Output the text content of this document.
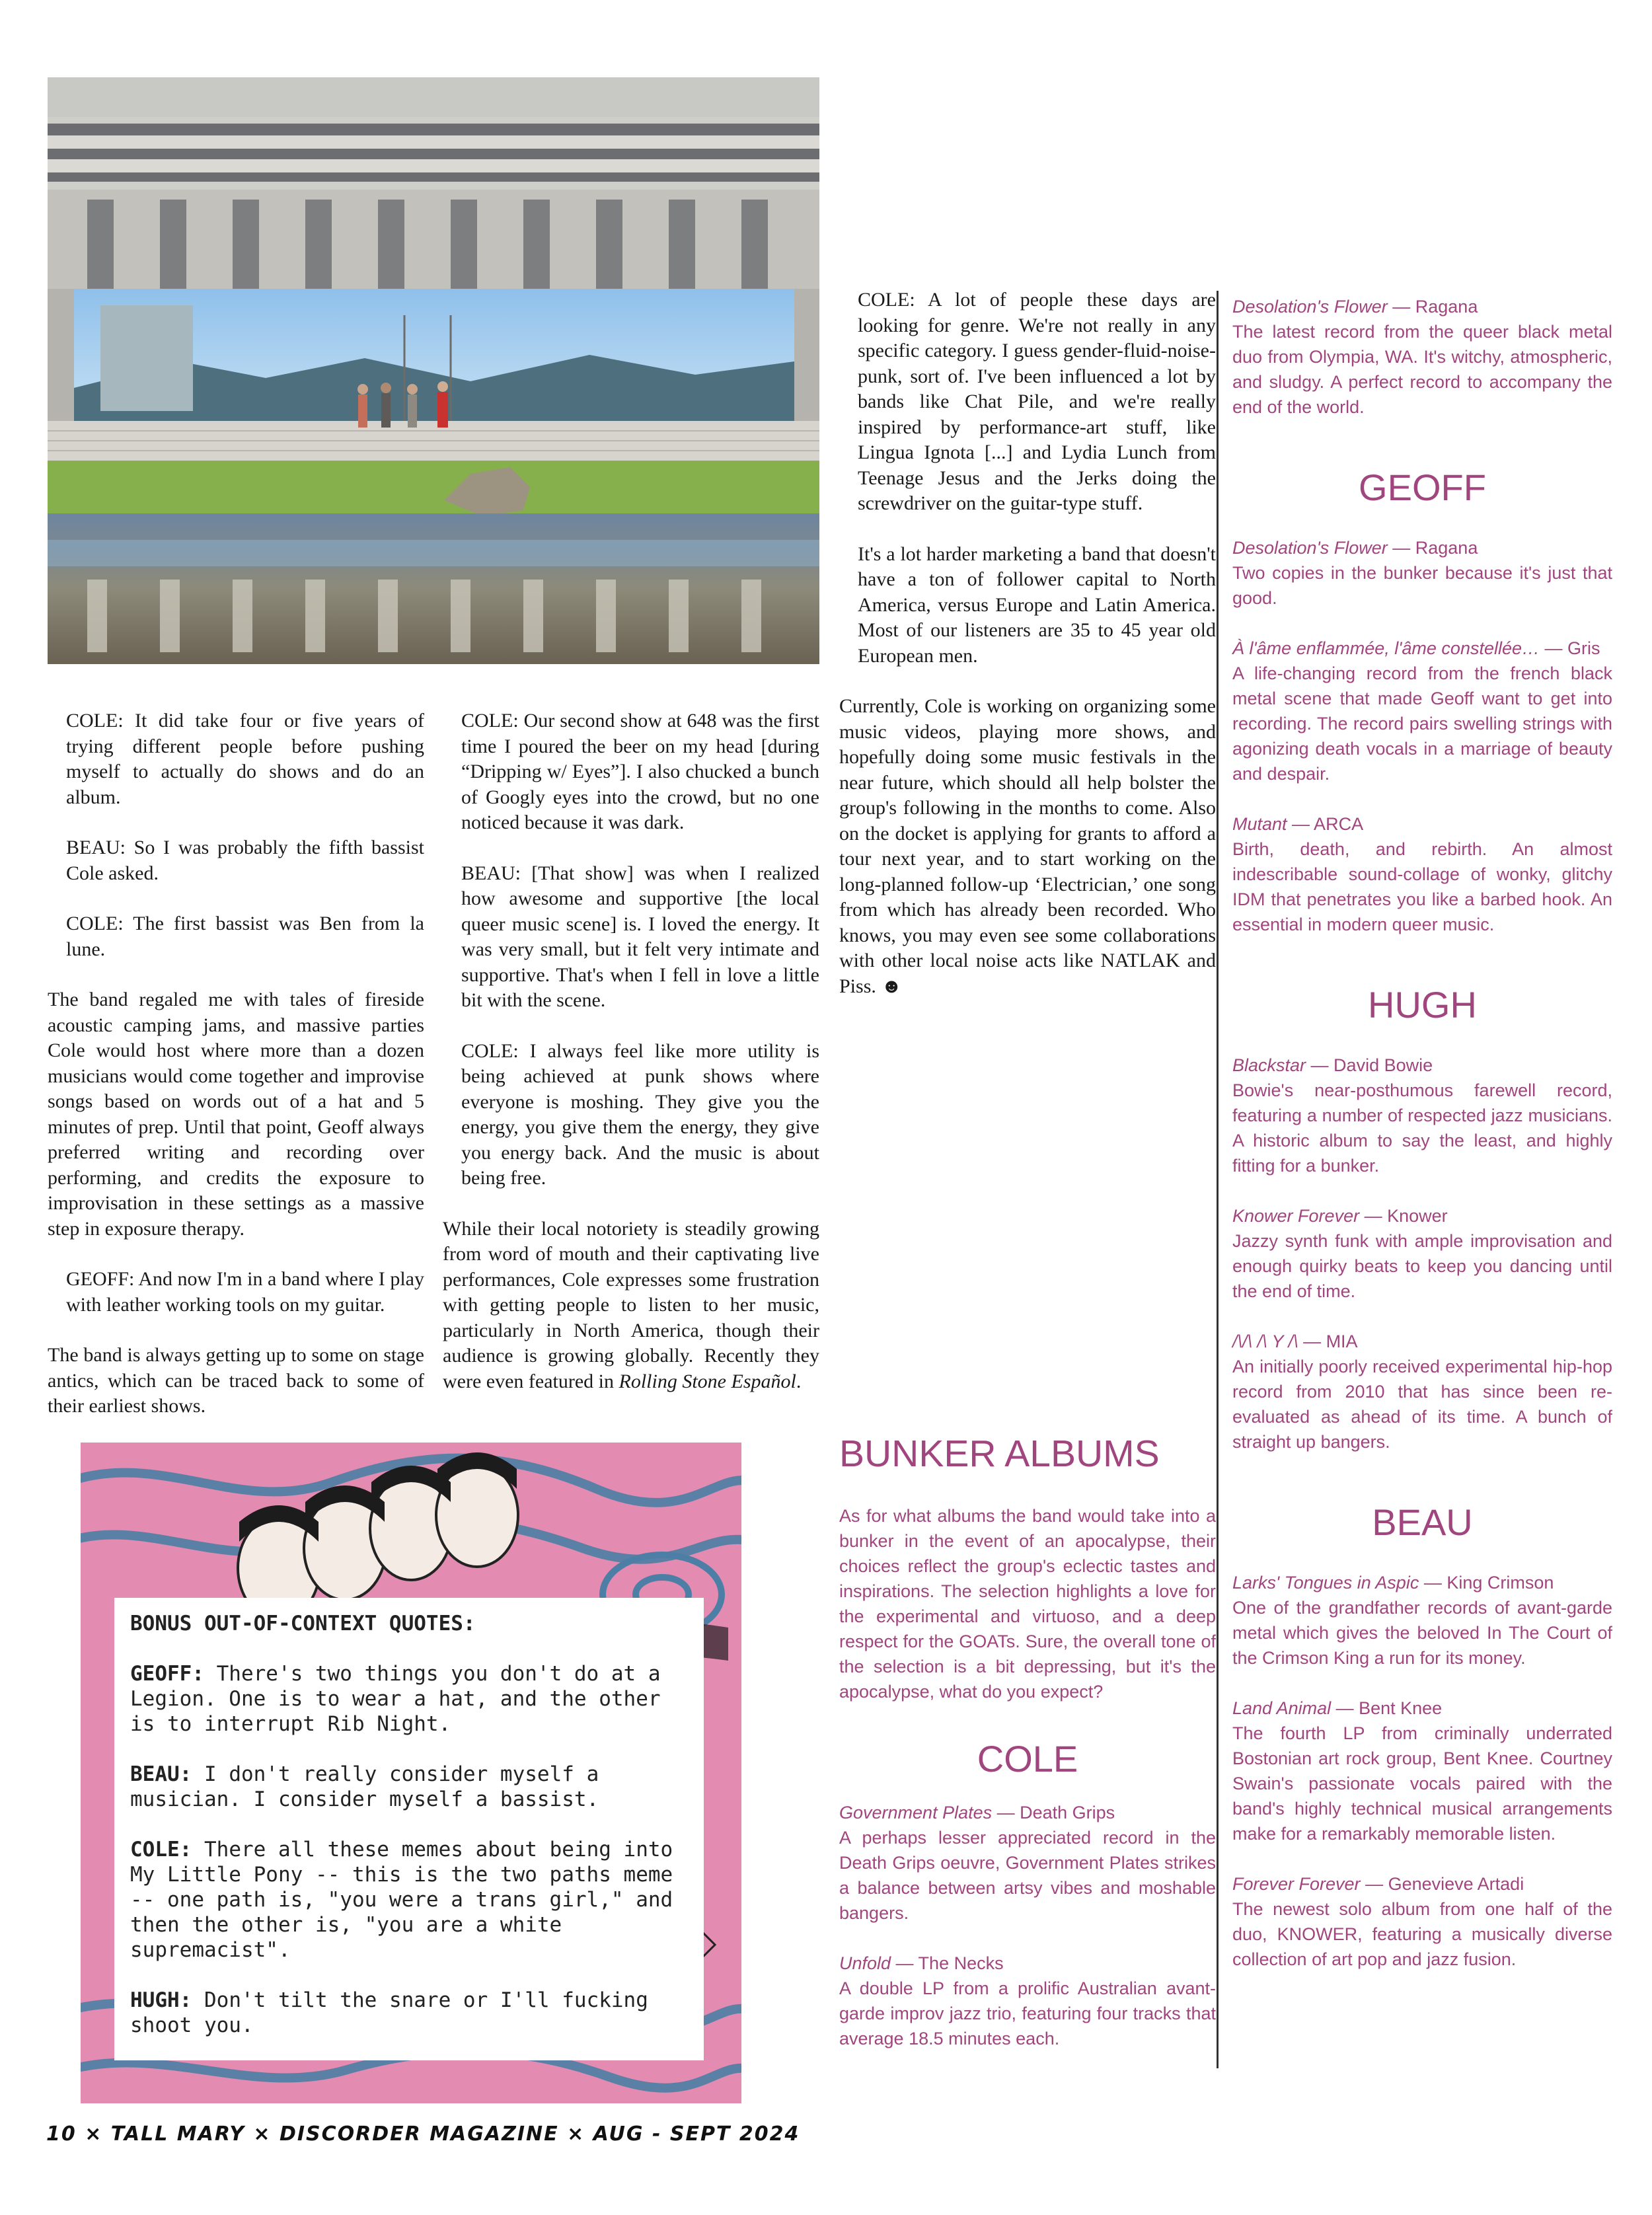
COLE: It did take four or five years of trying different people before pushing myself to actually do shows and do an album.

BEAU: So I was probably the fifth bassist Cole asked.

COLE: The first bassist was Ben from la lune.

The band regaled me with tales of fireside acoustic camping jams, and massive parties Cole would host where more than a dozen musicians would come together and improvise songs based on words out of a hat and 5 minutes of prep. Until that point, Geoff always preferred writing and recording over performing, and credits the exposure to improvisation in these settings as a massive step in exposure therapy.

GEOFF: And now I'm in a band where I play with leather working tools on my guitar.

The band is always getting up to some on stage antics, which can be traced back to some of their earliest shows.

COLE: Our second show at 648 was the first time I poured the beer on my head [during “Dripping w/ Eyes”]. I also chucked a bunch of Googly eyes into the crowd, but no one noticed because it was dark.

BEAU: [That show] was when I realized how awesome and supportive [the local queer music scene] is. I loved the energy. It was very small, but it felt very intimate and supportive. That's when I fell in love a little bit with the scene.

COLE: I always feel like more utility is being achieved at punk shows where everyone is moshing. They give you the energy, you give them the energy, they give you energy back. And the music is about being free.

While their local notoriety is steadily growing from word of mouth and their captivating live performances, Cole expresses some frustration with getting people to listen to her music, particularly in North America, though their audience is growing globally. Recently they were even featured in Rolling Stone Español.

COLE: A lot of people these days are looking for genre. We're not really in any specific category. I guess gender-fluid-noise-punk, sort of. I've been influenced a lot by bands like Chat Pile, and we're really inspired by performance-art stuff, like Lingua Ignota [...] and Lydia Lunch from Teenage Jesus and the Jerks doing the screwdriver on the guitar-type stuff.

It's a lot harder marketing a band that doesn't have a ton of follower capital to North America, versus Europe and Latin America. Most of our listeners are 35 to 45 year old European men.

Currently, Cole is working on organizing some music videos, playing more shows, and hopefully doing some music festivals in the near future, which should all help bolster the group's following in the months to come. Also on the docket is applying for grants to afford a tour next year, and to start working on the long-planned follow-up ‘Electrician,’ one song from which has already been recorded. Who knows, you may even see some collaborations with other local noise acts like NATLAK and Piss. ☻

BUNKER ALBUMS
As for what albums the band would take into a bunker in the event of an apocalypse, their choices reflect the group's eclectic tastes and inspirations. The selection highlights a love for the experimental and virtuoso, and a deep respect for the GOATs. Sure, the overall tone of the selection is a bit depressing, but it's the apocalypse, what do you expect?
COLE
Government Plates — Death Grips
A perhaps lesser appreciated record in the Death Grips oeuvre, Government Plates strikes a balance between artsy vibes and moshable bangers.
Unfold — The Necks
A double LP from a prolific Australian avant-garde improv jazz trio, featuring four tracks that average 18.5 minutes each.
Desolation's Flower — Ragana
The latest record from the queer black metal duo from Olympia, WA. It's witchy, atmospheric, and sludgy. A perfect record to accompany the end of the world.
GEOFF
Desolation's Flower — Ragana
Two copies in the bunker because it's just that good.
À l'âme enflammée, l'âme constellée… — Gris
A life-changing record from the french black metal scene that made Geoff want to get into recording. The record pairs swelling strings with agonizing death vocals in a marriage of beauty and despair.
Mutant — ARCA
Birth, death, and rebirth. An almost indescribable sound-collage of wonky, glitchy IDM that penetrates you like a barbed hook. An essential in modern queer music.
HUGH
Blackstar — David Bowie
Bowie's near-posthumous farewell record, featuring a number of respected jazz musicians. A historic album to say the least, and highly fitting for a bunker.
Knower Forever — Knower
Jazzy synth funk with ample improvisation and enough quirky beats to keep you dancing until the end of time.
/\/\ /\ Y /\ — MIA
An initially poorly received experimental hip-hop record from 2010 that has since been re-evaluated as ahead of its time. A bunch of straight up bangers.
BEAU
Larks' Tongues in Aspic — King Crimson
One of the grandfather records of avant-garde metal which gives the beloved In The Court of the Crimson King a run for its money.
Land Animal — Bent Knee
The fourth LP from criminally underrated Bostonian art rock group, Bent Knee. Courtney Swain's passionate vocals paired with the band's highly technical musical arrangements make for a remarkably memorable listen.
Forever Forever — Genevieve Artadi
The newest solo album from one half of the duo, KNOWER, featuring a musically diverse collection of art pop and jazz fusion.
BONUS OUT-OF-CONTEXT QUOTES:
GEOFF: There's two things you don't do at a Legion. One is to wear a hat, and the other is to interrupt Rib Night.
BEAU: I don't really consider myself a musician. I consider myself a bassist.
COLE: There all these memes about being into My Little Pony -- this is the two paths meme -- one path is, "you were a trans girl," and then the other is, "you are a white supremacist".
HUGH: Don't tilt the snare or I'll fucking shoot you.
10 × TALL MARY × DISCORDER MAGAZINE × AUG - SEPT 2024
